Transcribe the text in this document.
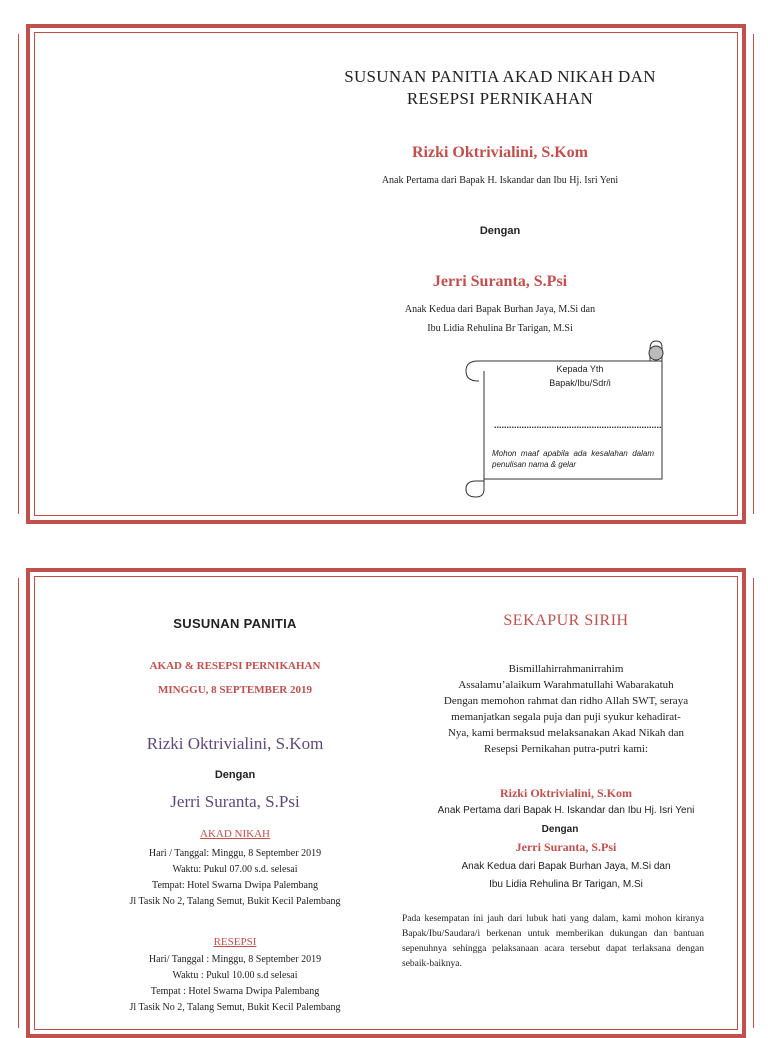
SUSUNAN PANITIA AKAD NIKAH DAN
RESEPSI PERNIKAHAN
Rizki Oktrivialini, S.Kom
Anak Pertama dari Bapak H. Iskandar dan Ibu Hj. Isri Yeni
Dengan
Jerri Suranta, S.Psi
Anak Kedua dari Bapak Burhan Jaya, M.Si dan
Ibu Lidia Rehulina Br Tarigan, M.Si
Kepada Yth
Bapak/Ibu/Sdr/i
...................................................................
Mohon maaf apabila ada kesalahan dalam penulisan nama & gelar
SUSUNAN PANITIA
AKAD & RESEPSI PERNIKAHAN
MINGGU, 8 SEPTEMBER 2019
Rizki Oktrivialini, S.Kom
Dengan
Jerri Suranta, S.Psi
AKAD NIKAH
Hari / Tanggal: Minggu, 8 September 2019
Waktu: Pukul 07.00 s.d. selesai
Tempat: Hotel Swarna Dwipa Palembang
Jl Tasik No 2, Talang Semut, Bukit Kecil Palembang
RESEPSI
Hari/ Tanggal : Minggu, 8 September 2019
Waktu : Pukul 10.00 s.d selesai
Tempat : Hotel Swarna Dwipa Palembang
Jl Tasik No 2, Talang Semut, Bukit Kecil Palembang
SEKAPUR SIRIH
Bismillahirrahmanirrahim
Assalamu’alaikum Warahmatullahi Wabarakatuh
Dengan memohon rahmat dan ridho Allah SWT, seraya
memanjatkan segala puja dan puji syukur kehadirat-
Nya, kami bermaksud melaksanakan Akad Nikah dan
Resepsi Pernikahan putra-putri kami:
Rizki Oktrivialini, S.Kom
Anak Pertama dari Bapak H. Iskandar dan Ibu Hj. Isri Yeni
Dengan
Jerri Suranta, S.Psi
Anak Kedua dari Bapak Burhan Jaya, M.Si dan
Ibu Lidia Rehulina Br Tarigan, M.Si
Pada kesempatan ini jauh dari lubuk hati yang dalam, kami mohon kiranya Bapak/Ibu/Saudara/i berkenan untuk memberikan dukungan dan bantuan sepenuhnya sehingga pelaksanaan acara tersebut dapat terlaksana dengan sebaik-baiknya.
